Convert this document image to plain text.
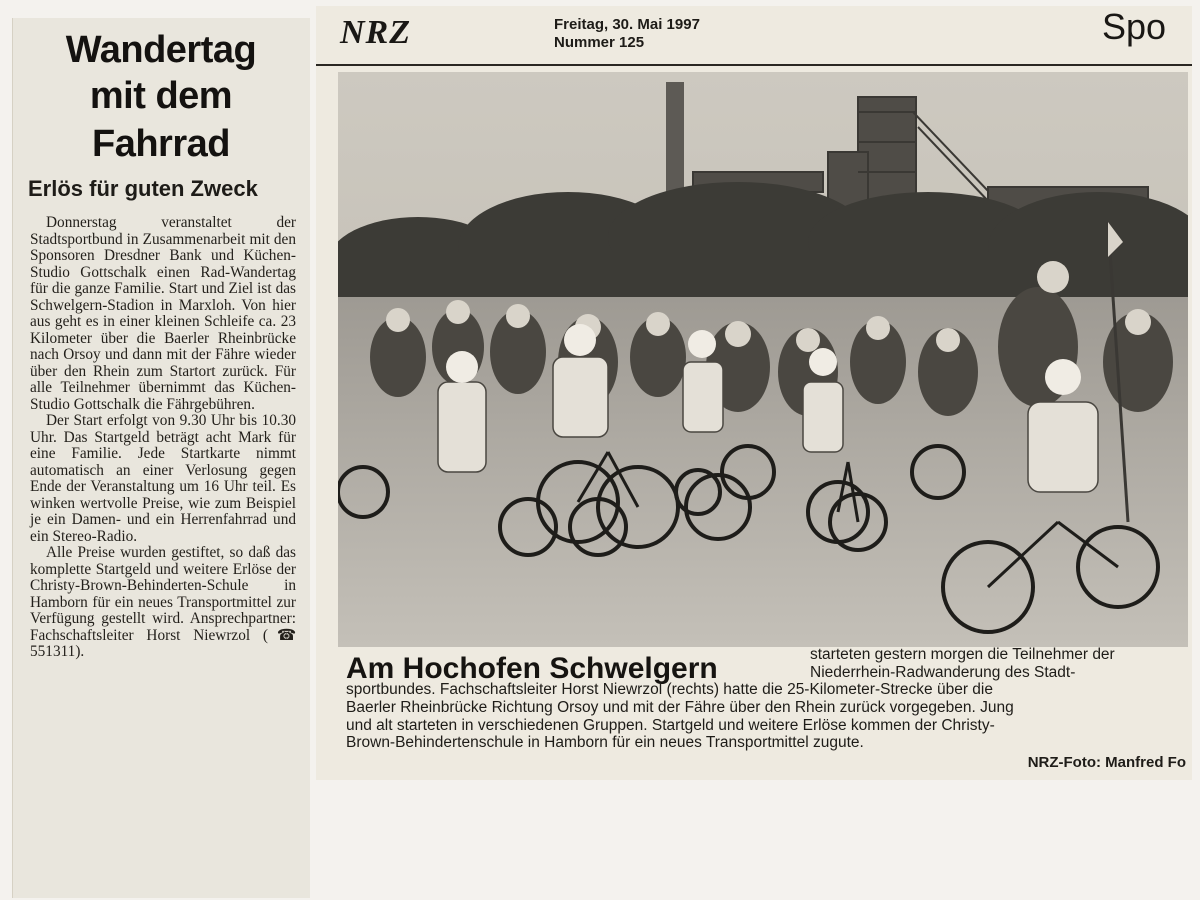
Wandertag
mit dem
Fahrrad
Erlös für guten Zweck

Donnerstag veranstaltet der Stadtsportbund in Zusammenarbeit mit den Sponsoren Dresdner Bank und Küchen-Studio Gottschalk einen Rad-Wandertag für die ganze Familie. Start und Ziel ist das Schwelgern-Stadion in Marxloh. Von hier aus geht es in einer kleinen Schleife ca. 23 Kilometer über die Baerler Rheinbrücke nach Orsoy und dann mit der Fähre wieder über den Rhein zum Startort zurück. Für alle Teilnehmer übernimmt das Küchen-Studio Gottschalk die Fährgebühren.

Der Start erfolgt von 9.30 Uhr bis 10.30 Uhr. Das Startgeld beträgt acht Mark für eine Familie. Jede Startkarte nimmt automatisch an einer Verlosung gegen Ende der Veranstaltung um 16 Uhr teil. Es winken wertvolle Preise, wie zum Beispiel je ein Damen- und ein Herrenfahrrad und ein Stereo-Radio.

Alle Preise wurden gestiftet, so daß das komplette Startgeld und weitere Erlöse der Christy-Brown-Behinderten-Schule in Hamborn für ein neues Transportmittel zur Verfügung gestellt wird. Ansprechpartner: Fachschaftsleiter Horst Niewrzol (☎ 551311).

NRZ	Freitag, 30. Mai 1997
Nummer 125	Spo
Am Hochofen Schwelgern	starteten gestern morgen die Teilnehmer der Niederrhein-Radwanderung des Stadt-
sportbundes. Fachschaftsleiter Horst Niewrzol (rechts) hatte die 25-Kilometer-Strecke über die
Baerler Rheinbrücke Richtung Orsoy und mit der Fähre über den Rhein zurück vorgegeben. Jung
und alt starteten in verschiedenen Gruppen. Startgeld und weitere Erlöse kommen der Christy-
Brown-Behindertenschule in Hamborn für ein neues Transportmittel zugute.
NRZ-Foto: Manfred Fo
